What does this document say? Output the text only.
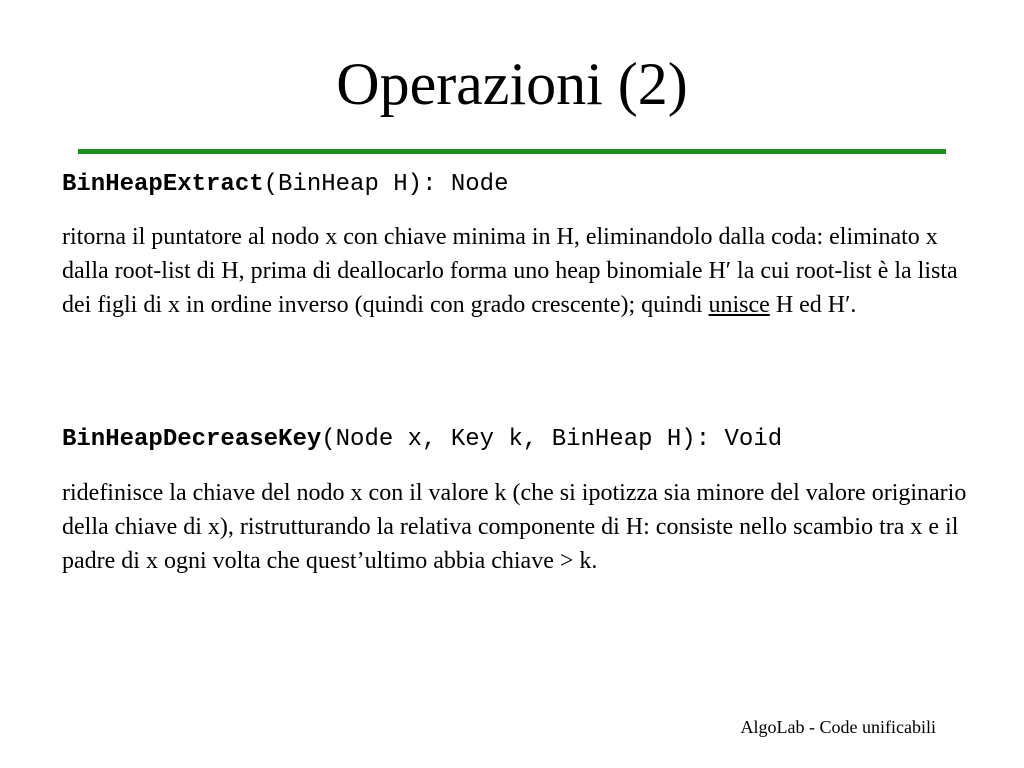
Operazioni (2)
BinHeapExtract(BinHeap H): Node
ritorna il puntatore al nodo x con chiave minima in H, eliminandolo dalla coda: eliminato x dalla root-list di H, prima di deallocarlo forma uno heap binomiale H′ la cui root-list è la lista dei figli di x in ordine inverso (quindi con grado crescente); quindi unisce H ed H′.
BinHeapDecreaseKey(Node x, Key k, BinHeap H): Void
ridefinisce la chiave del nodo x con il valore k (che si ipotizza sia minore del valore originario della chiave di x), ristrutturando la relativa componente di H: consiste nello scambio tra x e il padre di x ogni volta che quest’ultimo abbia chiave > k.
AlgoLab - Code unificabili
